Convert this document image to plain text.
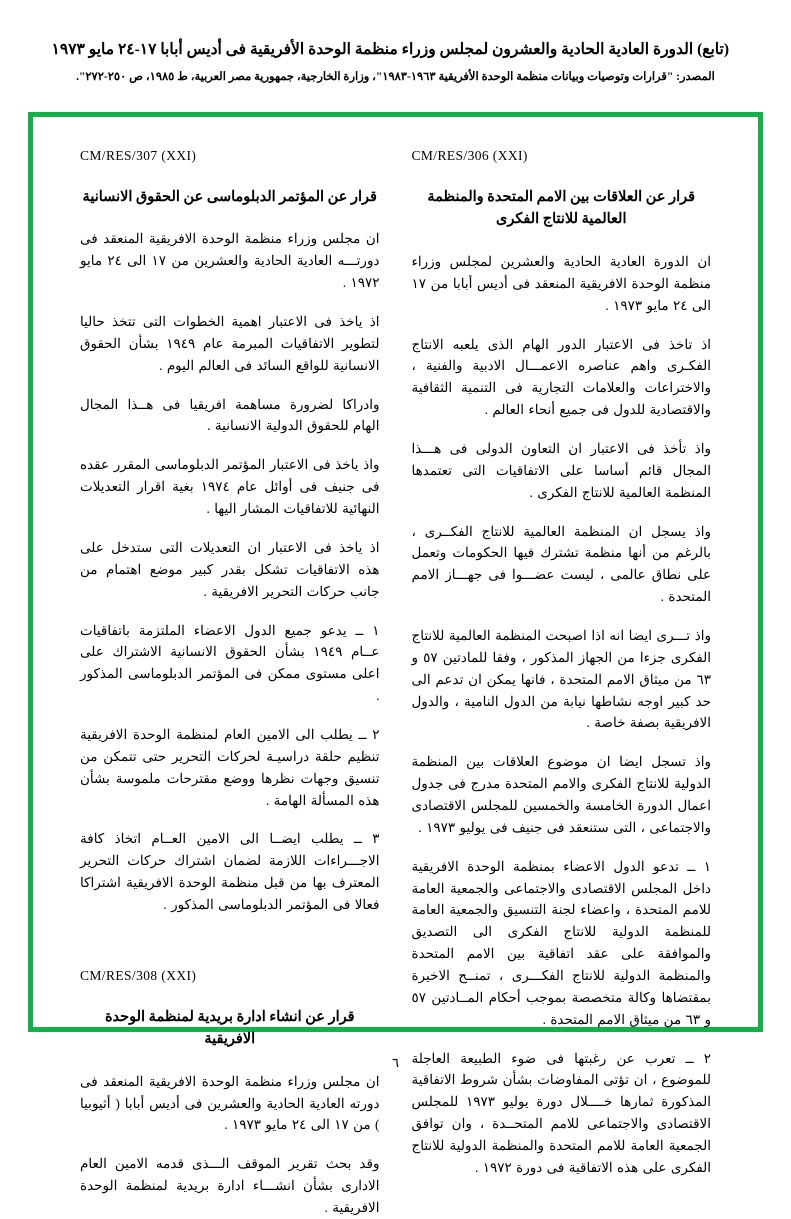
(تابع) الدورة العادية الحادية والعشرون لمجلس وزراء منظمة الوحدة الأفريقية فى أديس أبابا ١٧-٢٤ مايو ١٩٧٣
المصدر: "قرارات وتوصيات وبيانات منظمة الوحدة الأفريقية ١٩٦٣-١٩٨٣"، وزارة الخارجية، جمهورية مصر العربية، ط ١٩٨٥، ص ٢٥٠-٢٧٢".
CM/RES/307 (XXI)
قرار عن المؤتمر الدبلوماسى عن الحقوق الانسانية

ان مجلس وزراء منظمة الوحدة الافريقية المنعقد فى دورتـــه العادية الحادية والعشرين من ١٧ الى ٢٤ مايو ١٩٧٢ .

اذ ياخذ فى الاعتبار اهمية الخطوات التى تتخذ حاليا لتطوير الاتفاقيات المبرمة عام ١٩٤٩ بشأن الحقوق الانسانية للواقع السائد فى العالم اليوم .

وادراكا لضرورة مساهمة افريقيا فى هــذا المجال الهام للحقوق الدولية الانسانية .

واذ ياخذ فى الاعتبار المؤتمر الدبلوماسى المقرر عقده فى جنيف فى أوائل عام ١٩٧٤ بغية اقرار التعديلات النهائية للاتفاقيات المشار اليها .

اذ ياخذ فى الاعتبار ان التعديلات التى ستدخل على هذه الاتفاقيات تشكل بقدر كبير موضع اهتمام من جانب حركات التحرير الافريقية .

١ ــ يدعو جميع الدول الاعضاء الملتزمة باتفاقيات عــام ١٩٤٩ بشأن الحقوق الانسانية الاشتراك على اعلى مستوى ممكن فى المؤتمر الدبلوماسى المذكور .

٢ ــ يطلب الى الامين العام لمنظمة الوحدة الافريقية تنظيم حلقة دراسيـة لحركات التحرير حتى تتمكن من تنسيق وجهات نظرها ووضع مقترحات ملموسة بشأن هذه المسألة الهامة .

٣ ــ يطلب ايضــا الى الامين العــام اتخاذ كافة الاجـــراءات اللازمة لضمان اشتراك حركات التحرير المعترف بها من قبل منظمة الوحدة الافريقية اشتراكا فعالا فى المؤتمر الدبلوماسى المذكور .

CM/RES/308 (XXI)
قرار عن انشاء ادارة بريدية لمنظمة الوحدة الافريقية

ان مجلس وزراء منظمة الوحدة الافريقية المنعقد فى دورته العادية الحادية والعشرين فى أديس أبابا ( أثيوبيا ) من ١٧ الى ٢٤ مايو ١٩٧٣ .

وقد بحث تقرير الموقف الـــذى قدمه الامين العام الادارى بشأن انشـــاء ادارة بريدية لمنظمة الوحدة الافريقية .

CM/RES/306 (XXI)
قرار عن العلاقات بين الامم المتحدة والمنظمة العالمية للانتاج الفكرى

ان الدورة العادية الحادية والعشرين لمجلس وزراء منظمة الوحدة الافريقية المنعقد فى أديس أبابا من ١٧ الى ٢٤ مايو ١٩٧٣ .

اذ تاخذ فى الاعتبار الدور الهام الذى يلعبه الانتاج الفكـرى واهم عناصره الاعمـــال الادبية والفنية ، والاختراعات والعلامات التجارية فى التنمية الثقافية والاقتصادية للدول فى جميع أنحاء العالم .

واذ تأخذ فى الاعتبار ان التعاون الدولى فى هـــذا المجال قائم أساسا على الاتفاقيات التى تعتمدها المنظمة العالمية للانتاج الفكرى .

واذ يسجل ان المنظمة العالمية للانتاج الفكــرى ، بالرغم من أنها منظمة تشترك فيها الحكومات وتعمل على نطاق عالمى ، ليست عضـــوا فى جهـــاز الامم المتحدة .

واذ تـــرى ايضا انه اذا اصبحت المنظمة العالمية للانتاج الفكرى جزءا من الجهاز المذكور ، وفقا للمادتين ٥٧ و ٦٣ من ميثاق الامم المتحدة ، فانها يمكن ان تدعم الى حد كبير اوجه نشاطها نيابة من الدول النامية ، والدول الافريقية بصفة خاصة .

واذ تسجل ايضا ان موضوع العلاقات بين المنظمة الدولية للانتاج الفكرى والامم المتحدة مدرج فى جدول اعمال الدورة الخامسة والخمسين للمجلس الاقتصادى والاجتماعى ، التى ستنعقد فى جنيف فى يوليو ١٩٧٣ .

١ ــ تدعو الدول الاعضاء بمنظمة الوحدة الافريقية داخل المجلس الاقتصادى والاجتماعى والجمعية العامة للامم المتحدة ، واعضاء لجنة التنسيق والجمعية العامة للمنظمة الدولية للانتاج الفكرى الى التصديق والموافقة على عقد اتفاقية بين الامم المتحدة والمنظمة الدولية للانتاج الفكـــرى ، تمنــح الاخيرة بمقتضاها وكالة متخصصة بموجب أحكام المــادتين ٥٧ و ٦٣ من ميثاق الامم المتحدة .

٢ ــ تعرب عن رغبتها فى ضوء الطبيعة العاجلة للموضوع ، ان تؤتى المفاوضات بشأن شروط الاتفاقية المذكورة ثمارها خــــلال دورة يوليو ١٩٧٣ للمجلس الاقتصادى والاجتماعى للامم المتحــدة ، وان توافق الجمعية العامة للامم المتحدة والمنظمة الدولية للانتاج الفكرى على هذه الاتفاقية فى دورة ١٩٧٢ .

٦
